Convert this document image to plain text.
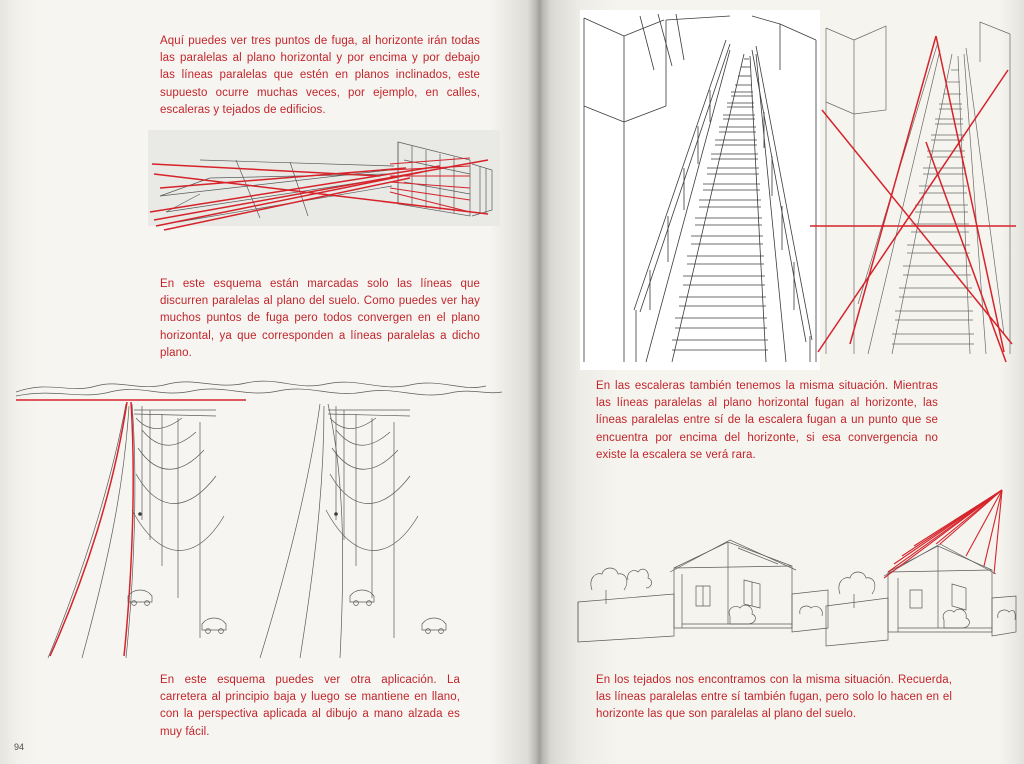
Aquí puedes ver tres puntos de fuga, al horizonte irán todas las paralelas al plano horizontal y por encima y por debajo las líneas paralelas que estén en planos inclinados, este supuesto ocurre muchas veces, por ejemplo, en calles, escaleras y tejados de edificios.

En este esquema están marcadas solo las líneas que discurren paralelas al plano del suelo. Como puedes ver hay muchos puntos de fuga pero todos convergen en el plano horizontal, ya que corresponden a líneas paralelas a dicho plano.

En este esquema puedes ver otra aplicación. La carretera al principio baja y luego se mantiene en llano, con la perspectiva aplicada al dibujo a mano alzada es muy fácil.

94

En las escaleras también tenemos la misma situación. Mientras las líneas paralelas al plano horizontal fugan al horizonte, las líneas paralelas entre sí de la escalera fugan a un punto que se encuentra por encima del horizonte, si esa convergencia no existe la escalera se verá rara.

En los tejados nos encontramos con la misma situación. Recuerda, las líneas paralelas entre sí también fugan, pero solo lo hacen en el horizonte las que son paralelas al plano del suelo.
